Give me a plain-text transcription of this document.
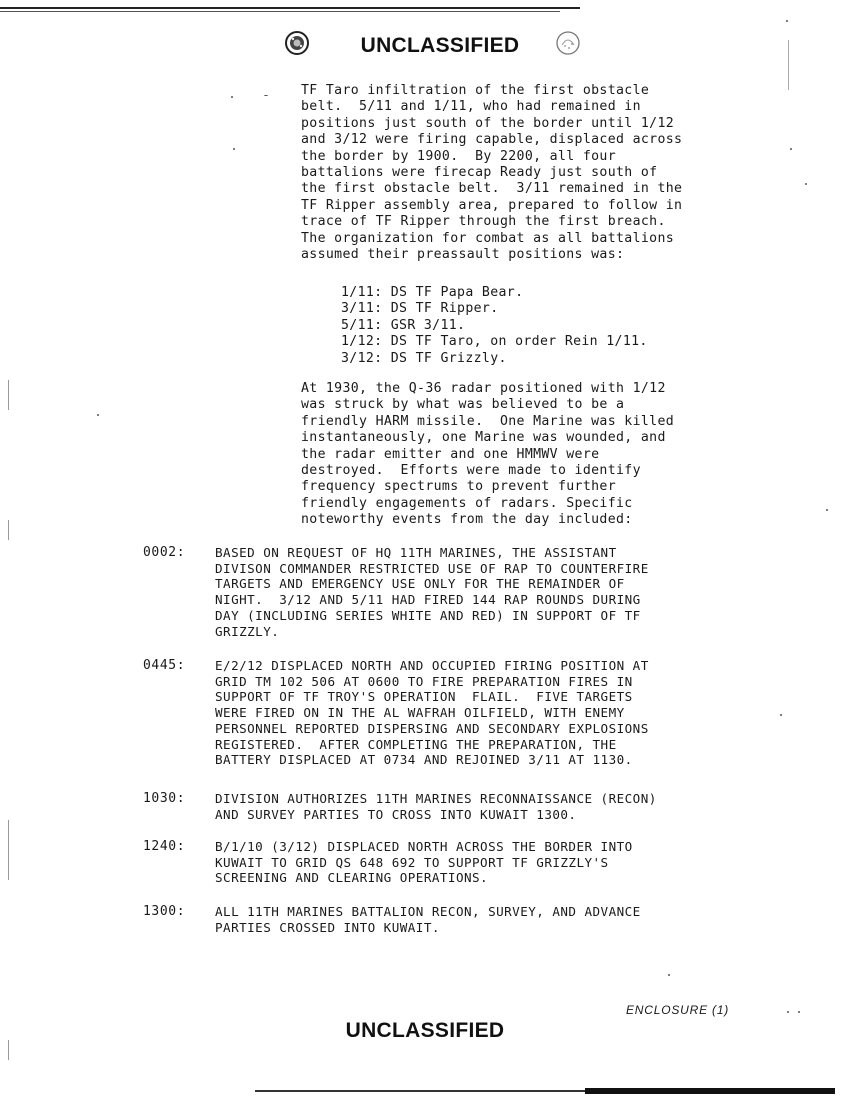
UNCLASSIFIED
TF Taro infiltration of the first obstacle
belt.  5/11 and 1/11, who had remained in
positions just south of the border until 1/12
and 3/12 were firing capable, displaced across
the border by 1900.  By 2200, all four
battalions were firecap Ready just south of
the first obstacle belt.  3/11 remained in the
TF Ripper assembly area, prepared to follow in
trace of TF Ripper through the first breach.
The organization for combat as all battalions
assumed their preassault positions was:
1/11: DS TF Papa Bear.
3/11: DS TF Ripper.
5/11: GSR 3/11.
1/12: DS TF Taro, on order Rein 1/11.
3/12: DS TF Grizzly.
At 1930, the Q-36 radar positioned with 1/12
was struck by what was believed to be a
friendly HARM missile.  One Marine was killed
instantaneously, one Marine was wounded, and
the radar emitter and one HMMWV were
destroyed.  Efforts were made to identify
frequency spectrums to prevent further
friendly engagements of radars. Specific
noteworthy events from the day included:
0002: BASED ON REQUEST OF HQ 11TH MARINES, THE ASSISTANT
DIVISON COMMANDER RESTRICTED USE OF RAP TO COUNTERFIRE
TARGETS AND EMERGENCY USE ONLY FOR THE REMAINDER OF
NIGHT.  3/12 AND 5/11 HAD FIRED 144 RAP ROUNDS DURING
DAY (INCLUDING SERIES WHITE AND RED) IN SUPPORT OF TF
GRIZZLY.
0445: E/2/12 DISPLACED NORTH AND OCCUPIED FIRING POSITION AT
GRID TM 102 506 AT 0600 TO FIRE PREPARATION FIRES IN
SUPPORT OF TF TROY'S OPERATION  FLAIL.  FIVE TARGETS
WERE FIRED ON IN THE AL WAFRAH OILFIELD, WITH ENEMY
PERSONNEL REPORTED DISPERSING AND SECONDARY EXPLOSIONS
REGISTERED.  AFTER COMPLETING THE PREPARATION, THE
BATTERY DISPLACED AT 0734 AND REJOINED 3/11 AT 1130.
1030: DIVISION AUTHORIZES 11TH MARINES RECONNAISSANCE (RECON)
AND SURVEY PARTIES TO CROSS INTO KUWAIT 1300.
1240: B/1/10 (3/12) DISPLACED NORTH ACROSS THE BORDER INTO
KUWAIT TO GRID QS 648 692 TO SUPPORT TF GRIZZLY'S
SCREENING AND CLEARING OPERATIONS.
1300: ALL 11TH MARINES BATTALION RECON, SURVEY, AND ADVANCE
PARTIES CROSSED INTO KUWAIT.
ENCLOSURE (1)
UNCLASSIFIED
